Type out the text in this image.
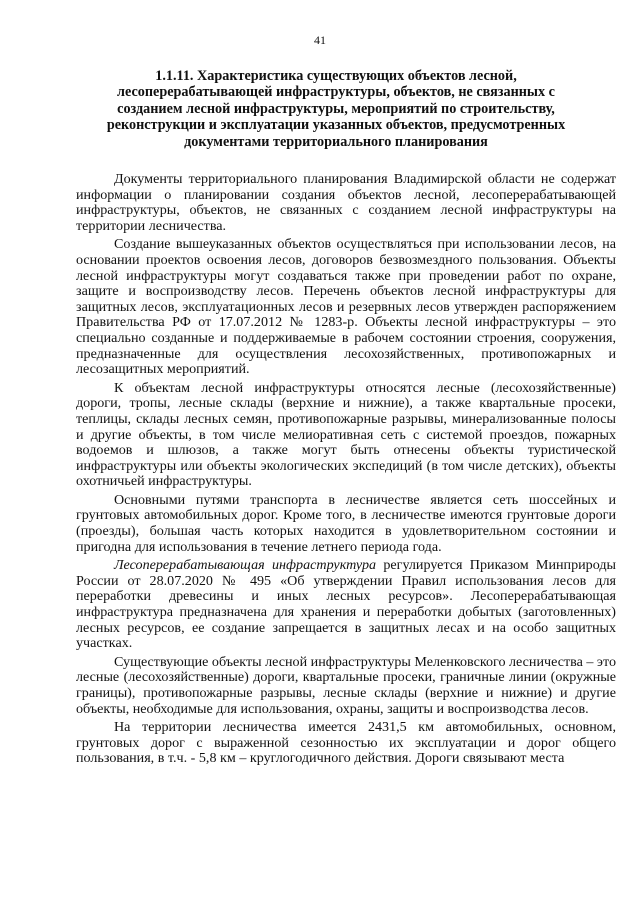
41
1.1.11. Характеристика существующих объектов лесной, лесоперерабатывающей инфраструктуры, объектов, не связанных с созданием лесной инфраструктуры, мероприятий по строительству, реконструкции и эксплуатации указанных объектов, предусмотренных документами территориального планирования

Документы территориального планирования Владимирской области не содержат информации о планировании создания объектов лесной, лесоперерабатывающей инфраструктуры, объектов, не связанных с созданием лесной инфраструктуры на территории лесничества.

Создание вышеуказанных объектов осуществляться при использовании лесов, на основании проектов освоения лесов, договоров безвозмездного пользования. Объекты лесной инфраструктуры могут создаваться также при проведении работ по охране, защите и воспроизводству лесов. Перечень объектов лесной инфраструктуры для защитных лесов, эксплуатационных лесов и резервных лесов утвержден распоряжением Правительства РФ от 17.07.2012 № 1283-р. Объекты лесной инфраструктуры – это специально созданные и поддерживаемые в рабочем состоянии строения, сооружения, предназначенные для осуществления лесохозяйственных, противопожарных и лесозащитных мероприятий.

К объектам лесной инфраструктуры относятся лесные (лесохозяйственные) дороги, тропы, лесные склады (верхние и нижние), а также квартальные просеки, теплицы, склады лесных семян, противопожарные разрывы, минерализованные полосы и другие объекты, в том числе мелиоративная сеть с системой проездов, пожарных водоемов и шлюзов, а также могут быть отнесены объекты туристической инфраструктуры или объекты экологических экспедиций (в том числе детских), объекты охотничьей инфраструктуры.

Основными путями транспорта в лесничестве является сеть шоссейных и грунтовых автомобильных дорог. Кроме того, в лесничестве имеются грунтовые дороги (проезды), большая часть которых находится в удовлетворительном состоянии и пригодна для использования в течение летнего периода года.

Лесоперерабатывающая инфраструктура регулируется Приказом Минприроды России от 28.07.2020 № 495 «Об утверждении Правил использования лесов для переработки древесины и иных лесных ресурсов». Лесоперерабатывающая инфраструктура предназначена для хранения и переработки добытых (заготовленных) лесных ресурсов, ее создание запрещается в защитных лесах и на особо защитных участках.

Существующие объекты лесной инфраструктуры Меленковского лесничества – это лесные (лесохозяйственные) дороги, квартальные просеки, граничные линии (окружные границы), противопожарные разрывы, лесные склады (верхние и нижние) и другие объекты, необходимые для использования, охраны, защиты и воспроизводства лесов.

На территории лесничества имеется 2431,5 км автомобильных, основном, грунтовых дорог с выраженной сезонностью их эксплуатации и дорог общего пользования, в т.ч. - 5,8 км – круглогодичного действия. Дороги связывают места
